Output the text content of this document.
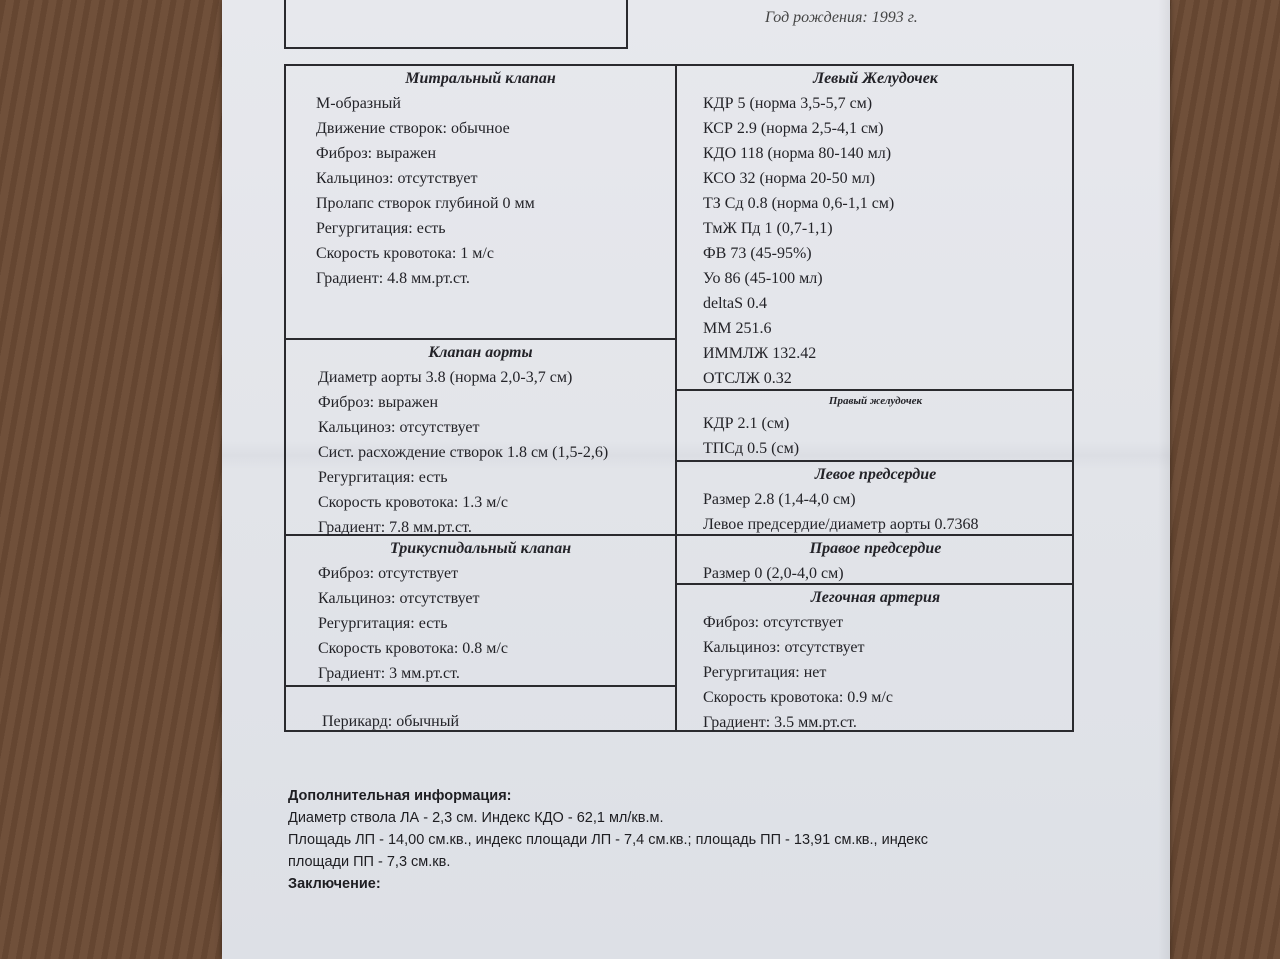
Год рождения: 1993 г.
Митральный клапан
М-образный
Движение створок: обычное
Фиброз: выражен
Кальциноз: отсутствует
Пролапс створок глубиной 0 мм
Регургитация: есть
Скорость кровотока: 1 м/с
Градиент: 4.8 мм.рт.ст.
Левый Желудочек
КДР 5 (норма 3,5-5,7 см)
КСР 2.9 (норма 2,5-4,1 см)
КДО 118 (норма 80-140 мл)
КСО 32 (норма 20-50 мл)
ТЗ Сд 0.8 (норма 0,6-1,1 см)
ТмЖ Пд 1 (0,7-1,1)
ФВ 73 (45-95%)
Уо 86 (45-100 мл)
deltaS 0.4
ММ 251.6
ИММЛЖ 132.42
ОТСЛЖ 0.32
Клапан аорты
Диаметр аорты 3.8 (норма 2,0-3,7 см)
Фиброз: выражен
Кальциноз: отсутствует
Сист. расхождение створок 1.8 см (1,5-2,6)
Регургитация: есть
Скорость кровотока: 1.3 м/с
Градиент: 7.8 мм.рт.ст.
Правый желудочек
КДР 2.1 (см)
ТПСд 0.5 (см)
Левое предсердие
Размер 2.8 (1,4-4,0 см)
Левое предсердие/диаметр аорты 0.7368
Трикуспидальный клапан
Фиброз: отсутствует
Кальциноз: отсутствует
Регургитация: есть
Скорость кровотока: 0.8 м/с
Градиент: 3 мм.рт.ст.
Правое предсердие
Размер 0 (2,0-4,0 см)
Легочная артерия
Фиброз: отсутствует
Кальциноз: отсутствует
Регургитация: нет
Скорость кровотока: 0.9 м/с
Градиент: 3.5 мм.рт.ст.
Перикард: обычный
Дополнительная информация:
Диаметр ствола ЛА - 2,3 см. Индекс КДО - 62,1 мл/кв.м.
Площадь ЛП - 14,00 см.кв., индекс площади ЛП - 7,4 см.кв.; площадь ПП - 13,91 см.кв., индекс
площади ПП - 7,3 см.кв.
Заключение:
